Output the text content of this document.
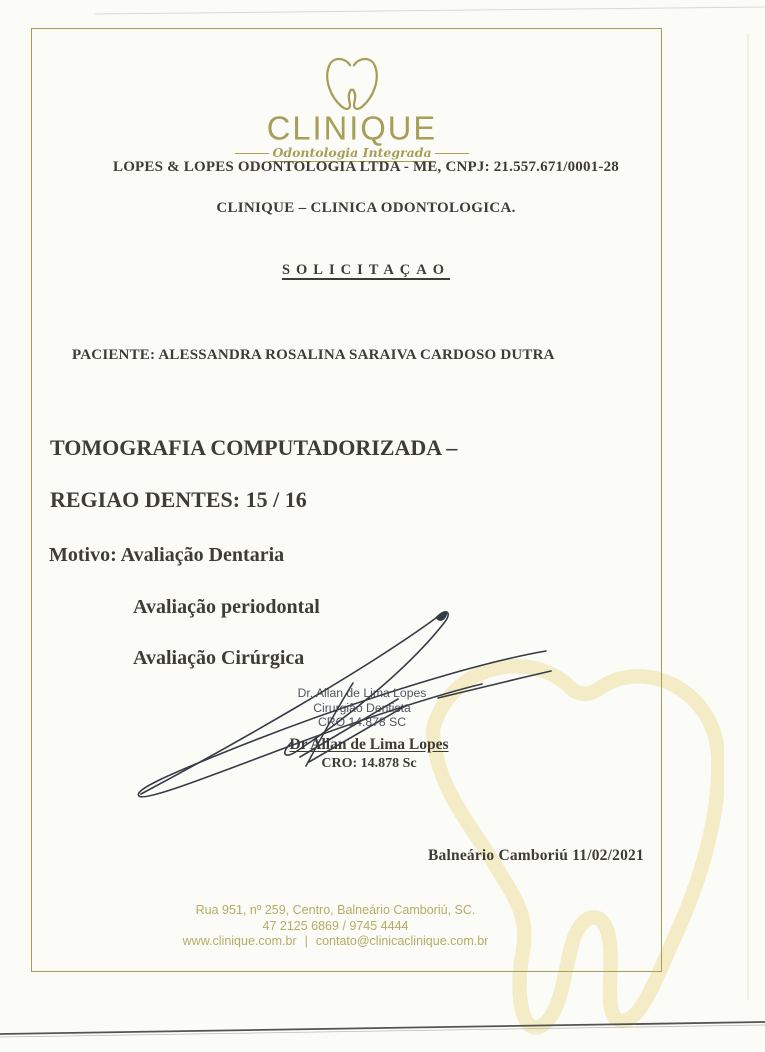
CLINIQUE
Odontologia Integrada
LOPES & LOPES ODONTOLOGIA LTDA - ME, CNPJ: 21.557.671/0001-28
CLINIQUE – CLINICA ODONTOLOGICA.
SOLICITAÇAO
PACIENTE: ALESSANDRA ROSALINA SARAIVA CARDOSO DUTRA
TOMOGRAFIA COMPUTADORIZADA –
REGIAO DENTES: 15 / 16
Motivo: Avaliação Dentaria
Avaliação periodontal
Avaliação Cirúrgica
Dr. Allan de Lima Lopes
Cirurgião Dentista
CRO 14.878 SC
Dr Allan de Lima Lopes
CRO: 14.878 Sc
Balneário Camboriú 11/02/2021
Rua 951, nº 259, Centro, Balneário Camboriú, SC.
47 2125 6869 / 9745 4444
www.clinique.com.br | contato@clinicaclinique.com.br
